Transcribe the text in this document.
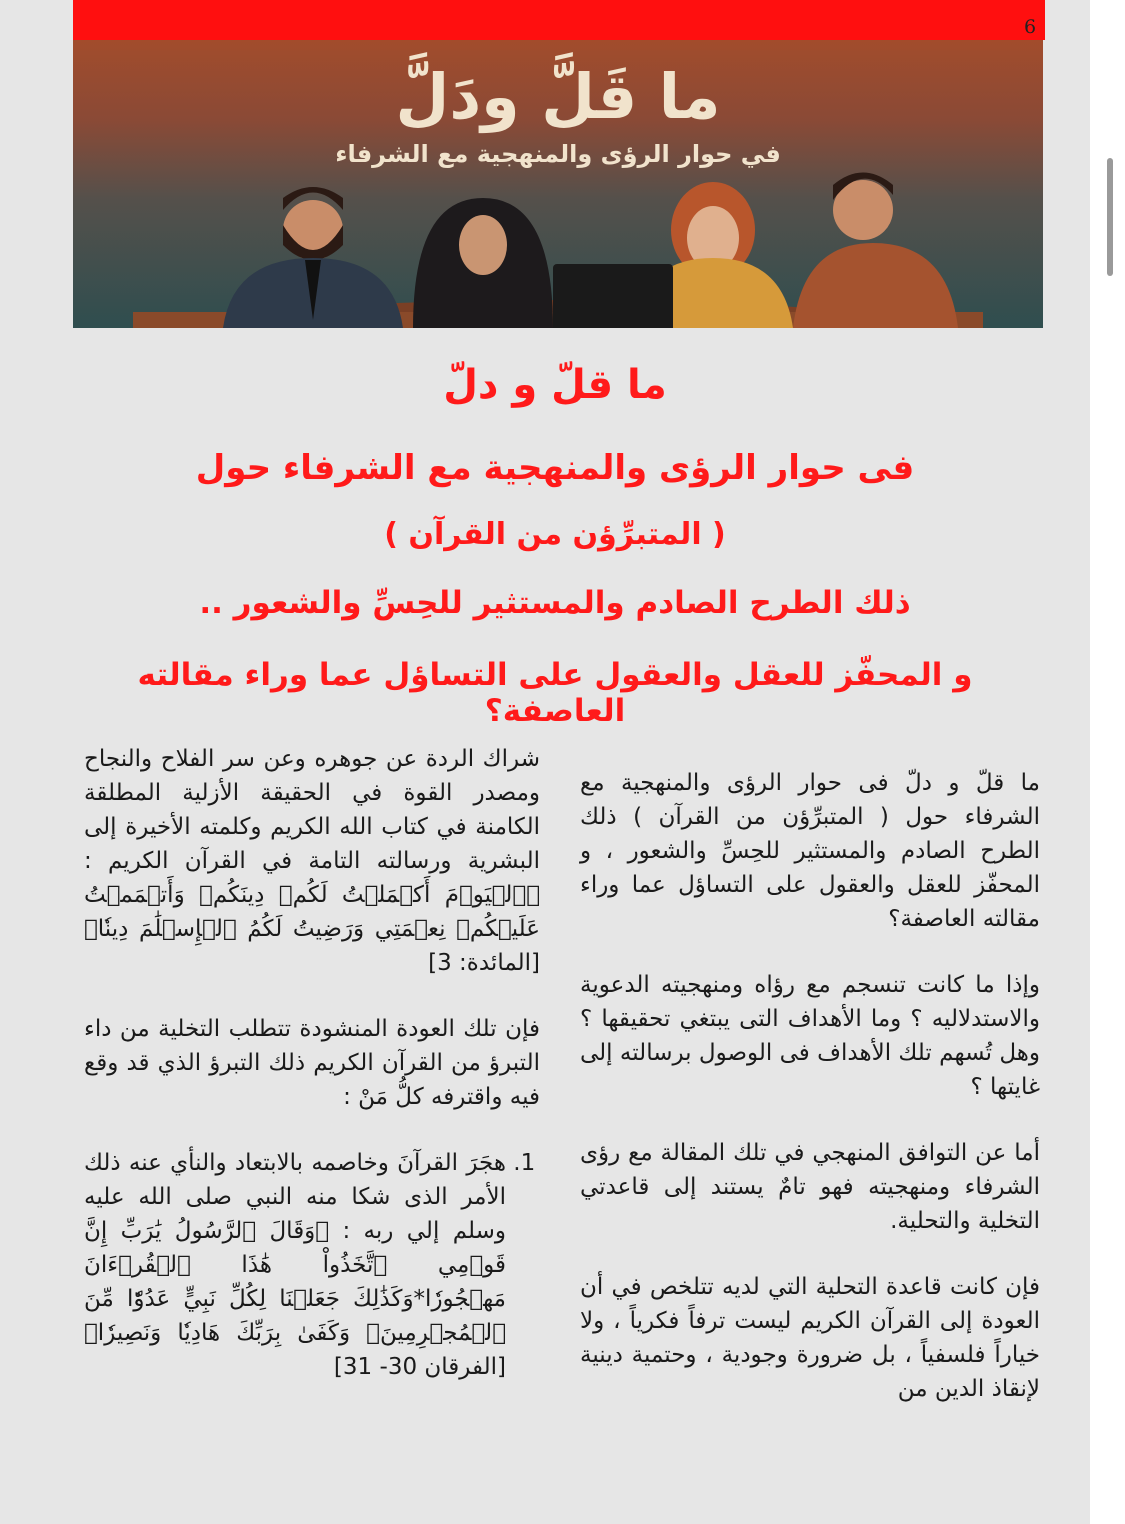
6
ما قَلَّ ودَلَّ
في حوار الرؤى والمنهجية مع الشرفاء
ما قلّ و دلّ
فى حوار الرؤى والمنهجية مع الشرفاء حول
( المتبرِّؤن من القرآن )
ذلك الطرح الصادم والمستثير للحِسِّ والشعور ..
و المحفّز للعقل والعقول على التساؤل عما وراء مقالته العاصفة؟

ما قلّ و دلّ فى حوار الرؤى والمنهجية مع الشرفاء حول ( المتبرِّؤن من القرآن ) ذلك الطرح الصادم والمستثير للحِسِّ والشعور ، و المحفّز للعقل والعقول على التساؤل عما وراء مقالته العاصفة؟

وإذا ما كانت تنسجم مع رؤاه ومنهجيته الدعوية والاستدلاليه ؟ وما الأهداف التى يبتغي تحقيقها ؟ وهل تُسهم تلك الأهداف فى الوصول برسالته إلى غايتها ؟

أما عن التوافق المنهجي في تلك المقالة مع رؤى الشرفاء ومنهجيته فهو تامٌ يستند إلى قاعدتي التخلية والتحلية.

فإن كانت قاعدة التحلية التي لديه تتلخص في أن العودة إلى القرآن الكريم ليست ترفاً فكرياً ، ولا خياراً فلسفياً ، بل ضرورة وجودية ، وحتمية دينية لإنقاذ الدين من

شراك الردة عن جوهره وعن سر الفلاح والنجاح ومصدر القوة في الحقيقة الأزلية المطلقة الكامنة في كتاب الله الكريم وكلمته الأخيرة إلى البشرية ورسالته التامة في القرآن الكريم : ﴿ٱلۡيَوۡمَ أَكۡمَلۡتُ لَكُمۡ دِينَكُمۡ وَأَتۡمَمۡتُ عَلَيۡكُمۡ نِعۡمَتِي وَرَضِيتُ لَكُمُ ٱلۡإِسۡلَٰمَ دِينٗا﴾ [المائدة: 3]

فإن تلك العودة المنشودة تتطلب التخلية من داء التبرؤ من القرآن الكريم ذلك التبرؤ الذي قد وقع فيه واقترفه كلُّ مَنْ :

1. هجَرَ القرآنَ وخاصمه بالابتعاد والنأي عنه ذلك الأمر الذى شكا منه النبي صلى الله عليه وسلم إلي ربه : ﴿وَقَالَ ٱلرَّسُولُ يَٰرَبِّ إِنَّ قَوۡمِي ٱتَّخَذُواْ هَٰذَا ٱلۡقُرۡءَانَ مَهۡجُورٗا*وَكَذَٰلِكَ جَعَلۡنَا لِكُلِّ نَبِيٍّ عَدُوّٗا مِّنَ ٱلۡمُجۡرِمِينَۗ وَكَفَىٰ بِرَبِّكَ هَادِيٗا وَنَصِيرٗا﴾ [الفرقان 30- 31]
